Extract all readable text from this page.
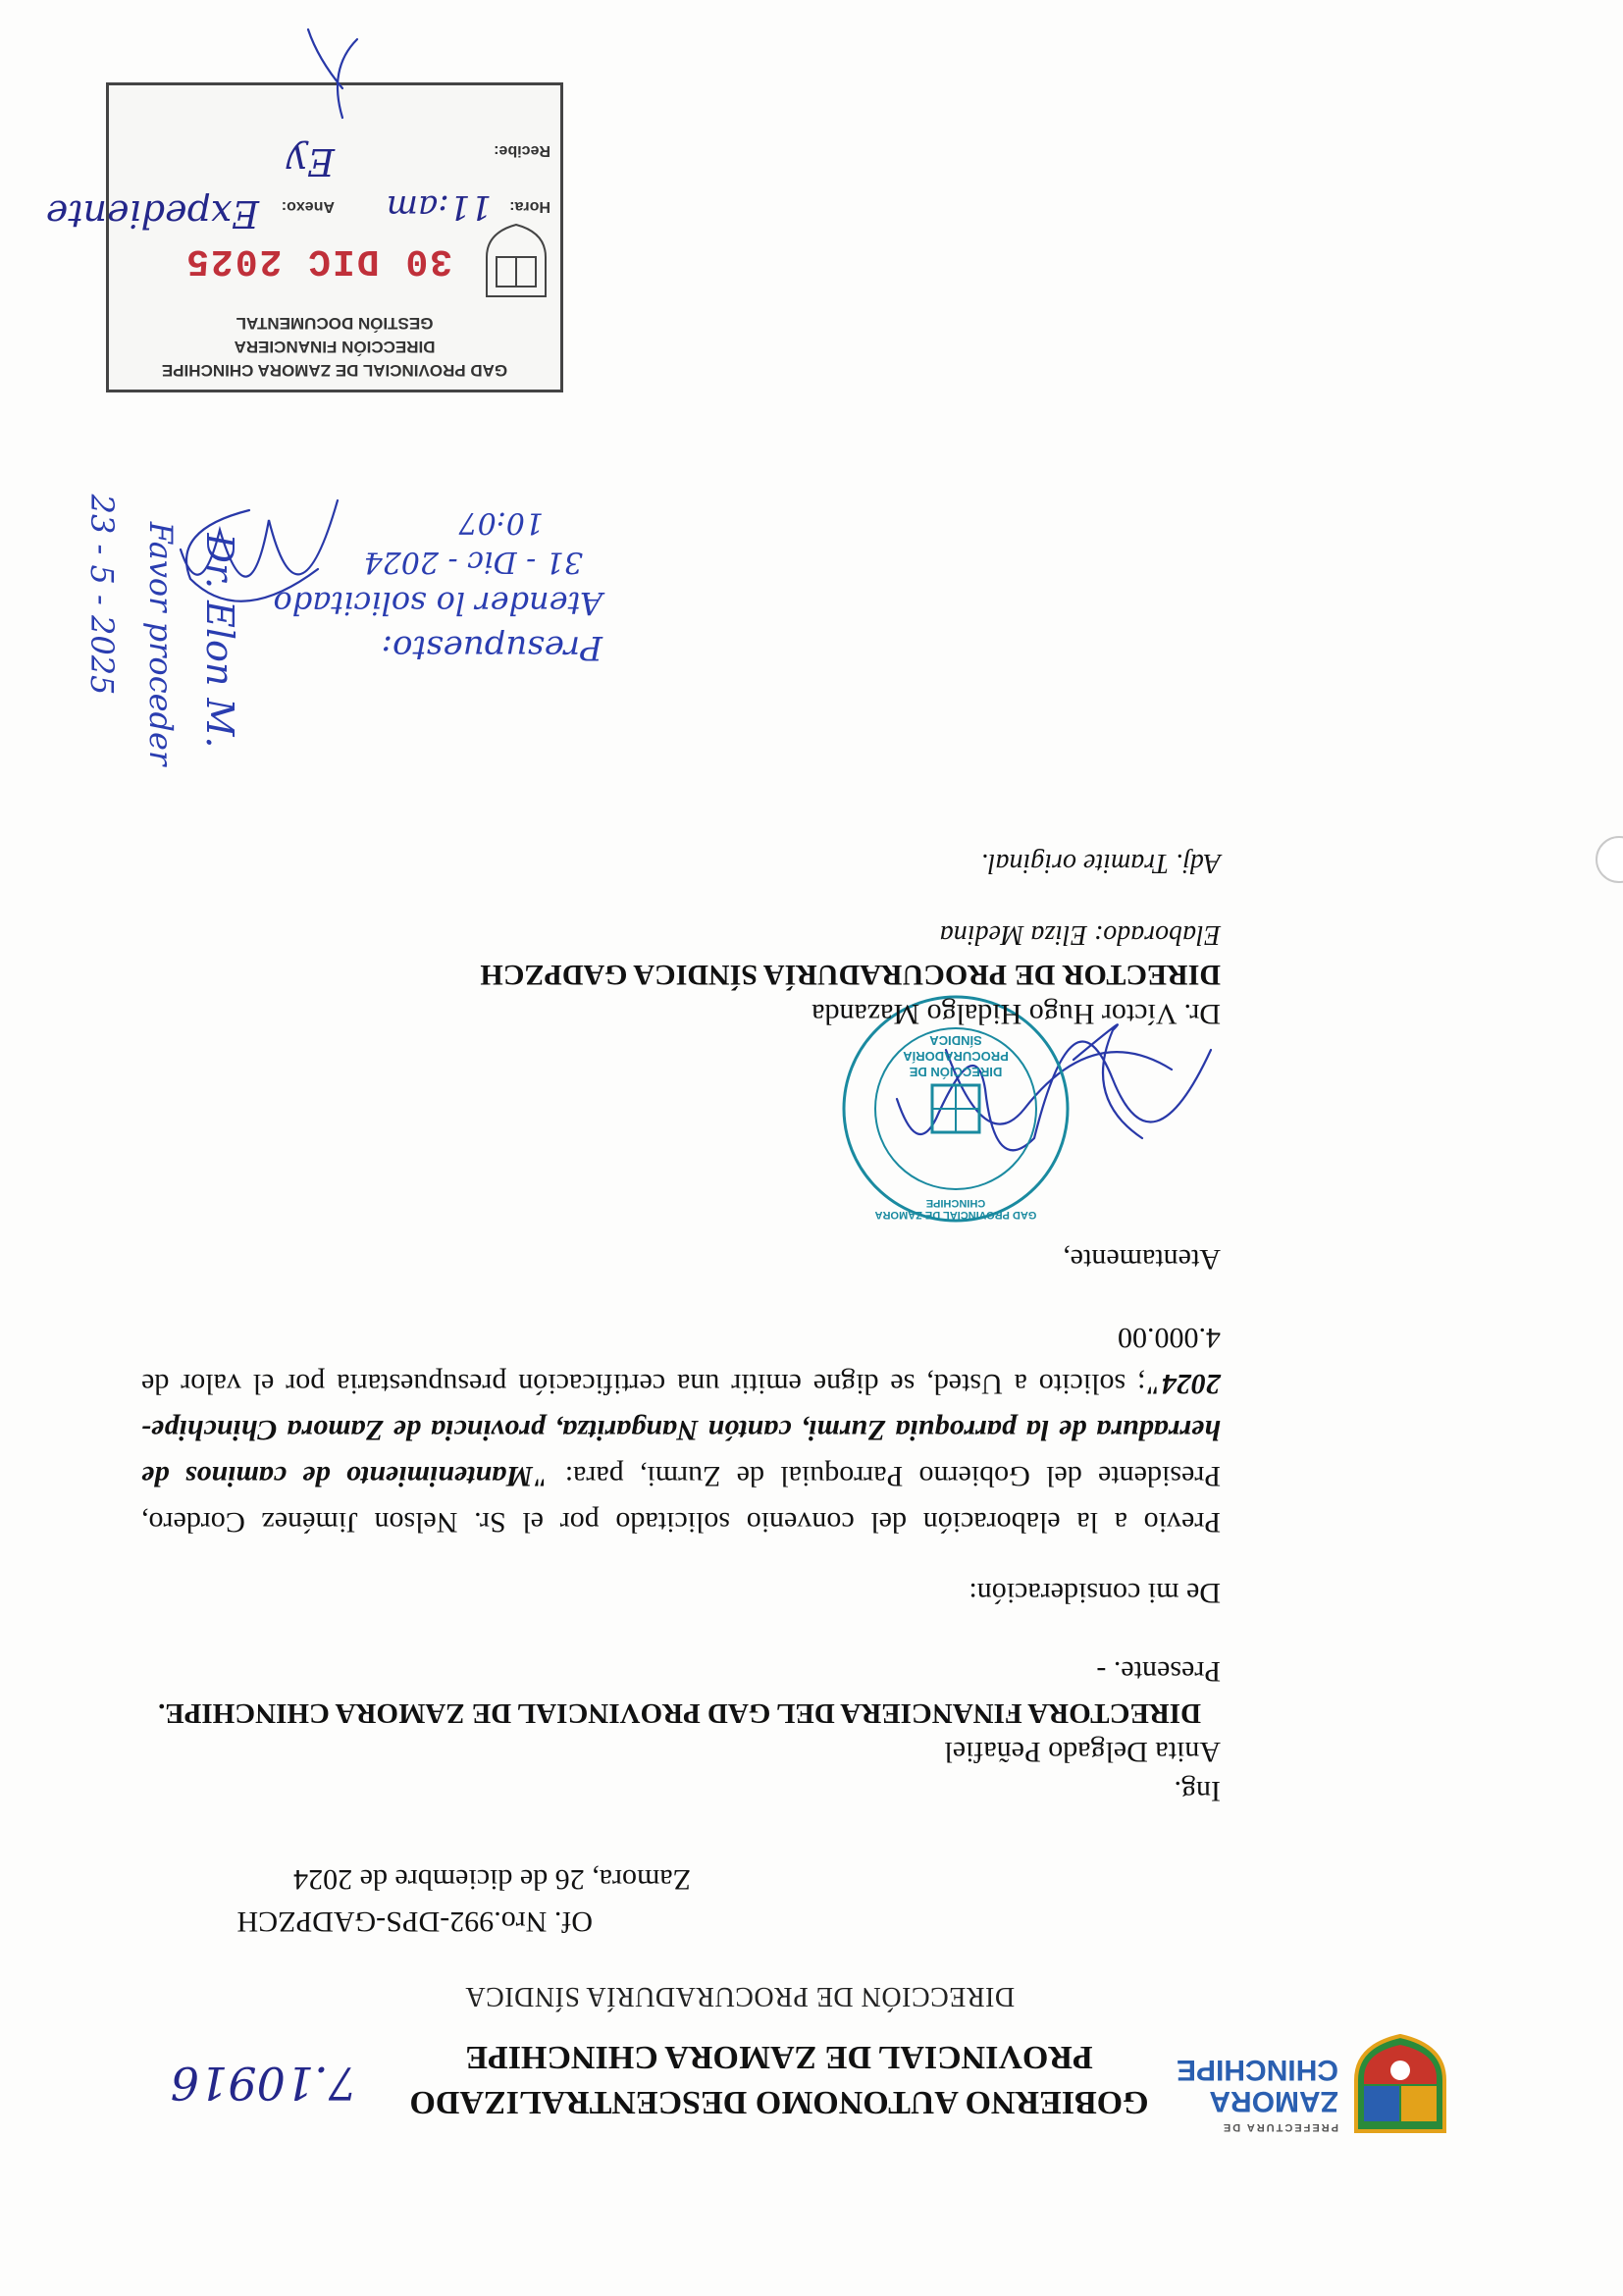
PREFECTURA DE
ZAMORA
CHINCHIPE
GOBIERNO AUTONOMO DESCENTRALIZADO
PROVINCIAL DE ZAMORA CHINCHIPE
7.10916
DIRECCIÓN DE PROCURADURÍA SÍNDICA
Of. Nro.992-DPS-GADPZCH
Zamora, 26 de diciembre de 2024
Ing.
Anita Delgado Peñafiel
DIRECTORA FINANCIERA DEL GAD PROVINCIAL DE ZAMORA CHINCHIPE.
Presente. -
De mi consideración:
Previo a la elaboración del convenio solicitado por el Sr. Nelson Jiménez Cordero, Presidente del Gobierno Parroquial de Zurmi, para: "Mantenimiento de caminos de herradura de la parroquia Zurmi, cantón Nangaritza, provincia de Zamora Chinchipe-2024"; solicito a Usted, se digne emitir una certificación presupuestaria por el valor de 4.000.00
Atentamente,
GAD PROVINCIAL DE ZAMORA CHINCHIPE
DIRECCIÓN DE
PROCURADORÍA
SÍNDICA
Dr. Víctor Hugo Hidalgo Mazanda
DIRECTOR DE PROCURADURÍA SÍNDICA GADPZCH
Elaborado: Eliza Medina
Adj. Tramite original.
Dr. Elon M.
Favor proceder
23 - 5 - 2025	Presupuesto:
Atender lo solicitado
31 - Dic - 2024
10:07
GAD PROVINCIAL DE ZAMORA CHINCHIPE
DIRECCIÓN FINANCIERA
GESTIÓN DOCUMENTAL
30 DIC 2025
Hora:
11:am
Anexo:
Recibe:
Ey
Expediente
